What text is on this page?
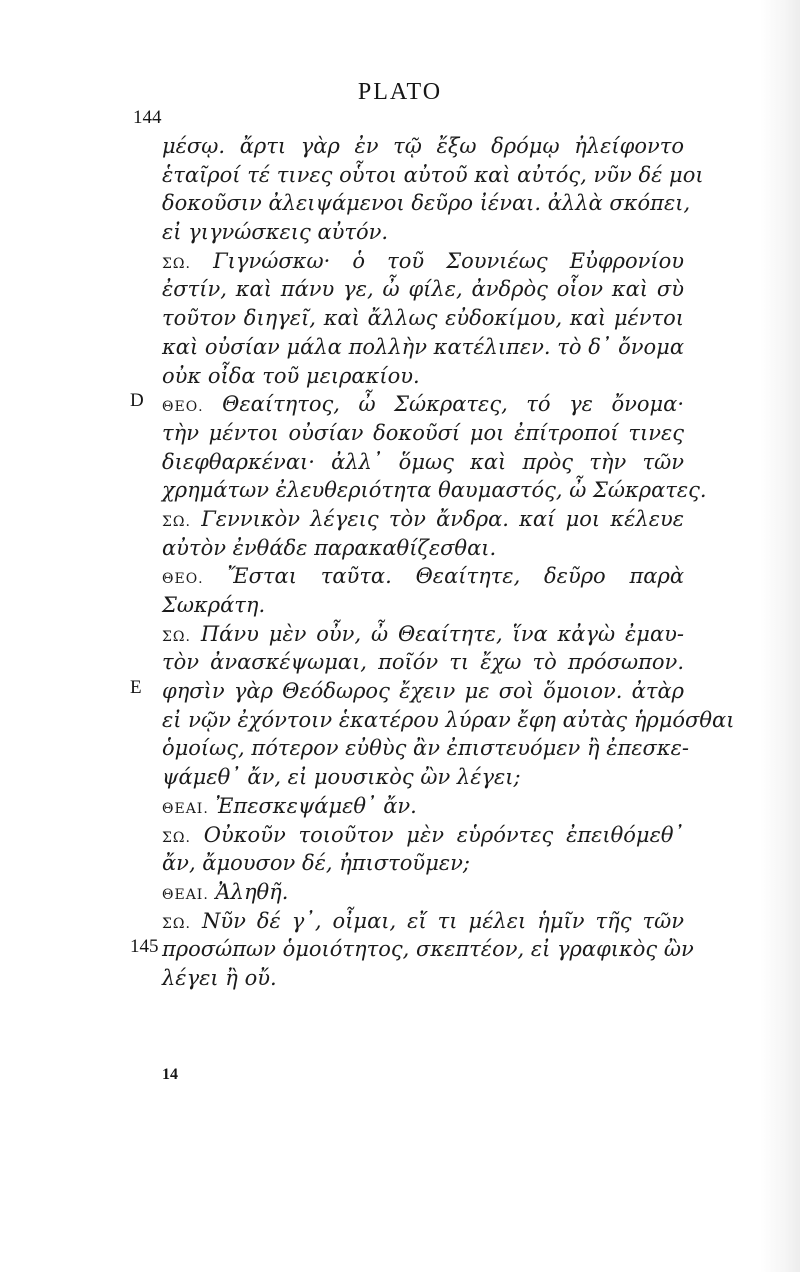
PLATO
144
μέσῳ. ἄρτι γὰρ ἐν τῷ ἔξω δρόμῳ ἠλείφοντο
ἑταῖροί τέ τινες οὗτοι αὐτοῦ καὶ αὐτός, νῦν δέ μοι
δοκοῦσιν ἀλειψάμενοι δεῦρο ἰέναι. ἀλλὰ σκόπει,
εἰ γιγνώσκεις αὐτόν.
ΣΩ. Γιγνώσκω· ὁ τοῦ Σουνιέως Εὐφρονίου
ἐστίν, καὶ πάνυ γε, ὦ φίλε, ἀνδρὸς οἷον καὶ σὺ
τοῦτον διηγεῖ, καὶ ἄλλως εὐδοκίμου, καὶ μέντοι
καὶ οὐσίαν μάλα πολλὴν κατέλιπεν. τὸ δ᾽ ὄνομα
οὐκ οἶδα τοῦ μειρακίου.
ΘΕΟ. Θεαίτητος, ὦ Σώκρατες, τό γε ὄνομα·
τὴν μέντοι οὐσίαν δοκοῦσί μοι ἐπίτροποί τινες
διεφθαρκέναι· ἀλλ᾽ ὅμως καὶ πρὸς τὴν τῶν
χρημάτων ἐλευθεριότητα θαυμαστός, ὦ Σώκρατες.
ΣΩ. Γεννικὸν λέγεις τὸν ἄνδρα. καί μοι κέλευε
αὐτὸν ἐνθάδε παρακαθίζεσθαι.
ΘΕΟ. Ἔσται ταῦτα. Θεαίτητε, δεῦρο παρὰ
Σωκράτη.
ΣΩ. Πάνυ μὲν οὖν, ὦ Θεαίτητε, ἵνα κἀγὼ ἐμαυ-
τὸν ἀνασκέψωμαι, ποῖόν τι ἔχω τὸ πρόσωπον.
φησὶν γὰρ Θεόδωρος ἔχειν με σοὶ ὅμοιον. ἀτὰρ
εἰ νῷν ἐχόντοιν ἑκατέρου λύραν ἔφη αὐτὰς ἡρμόσθαι
ὁμοίως, πότερον εὐθὺς ἂν ἐπιστευόμεν ἢ ἐπεσκε-
ψάμεθ᾽ ἄν, εἰ μουσικὸς ὢν λέγει;
ΘΕΑΙ. Ἐπεσκεψάμεθ᾽ ἄν.
ΣΩ. Οὐκοῦν τοιοῦτον μὲν εὑρόντες ἐπειθόμεθ᾽
ἄν, ἄμουσον δέ, ἠπιστοῦμεν;
ΘΕΑΙ. Ἀληθῆ.
ΣΩ. Νῦν δέ γ᾽, οἶμαι, εἴ τι μέλει ἡμῖν τῆς τῶν
προσώπων ὁμοιότητος, σκεπτέον, εἰ γραφικὸς ὢν
λέγει ἢ οὔ.
D
E
145
14
